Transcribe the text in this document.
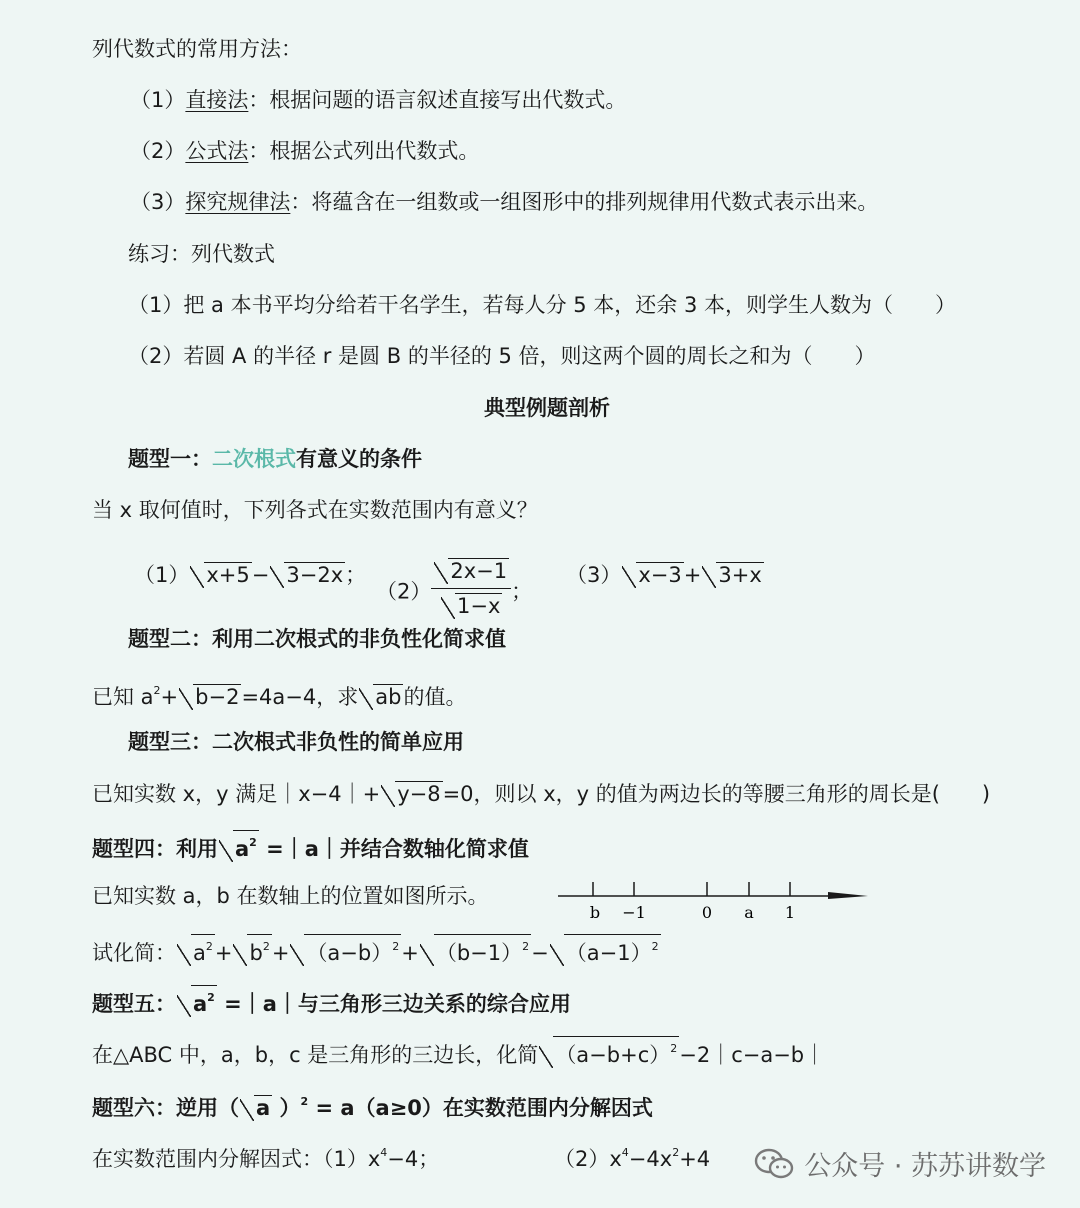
列代数式的常用方法：
（1）直接法：根据问题的语言叙述直接写出代数式。
（2）公式法：根据公式列出代数式。
（3）探究规律法：将蕴含在一组数或一组图形中的排列规律用代数式表示出来。
练习：列代数式
（1）把 a 本书平均分给若干名学生，若每人分 5 本，还余 3 本，则学生人数为（　　）
（2）若圆 A 的半径 r 是圆 B 的半径的 5 倍，则这两个圆的周长之和为（　　）
典型例题剖析
题型一：二次根式有意义的条件
当 x 取何值时，下列各式在实数范围内有意义？
（1） x+5− 3−2x；
$(2) \frac{2x-1}{1-x}$ ；
（3） x−3+ 3+x
题型二：利用二次根式的非负性化简求值
已知 $a^2+ b-2=4a-4$，求 ab的值。
题型三：二次根式非负性的简单应用
已知实数 x，y 满足｜x−4｜+ y−8=0，则以 x，y 的值为两边长的等腰三角形的周长是(　　)
题型四：利用 $a^2$ =｜a｜并结合数轴化简求值
已知实数 a，b 在数轴上的位置如图所示。
b −1	0 a 1
试化简： $a^2+ b^2+ (a-b)^2+ (b-1)^2- (a-1)^2$
题型五： $a^2$ =｜a｜与三角形三边关系的综合应用
在△ABC 中，a，b，c 是三角形的三边长，化简 $(a-b+c)^2-2|c-a-b|$
题型六：逆用（ a ）$^2$ = a（a≥0）在实数范围内分解因式
在实数范围内分解因式：$(1)x^4-4$；	$(2)x^4-4x^2+4$	公众号 · 苏苏讲数学
